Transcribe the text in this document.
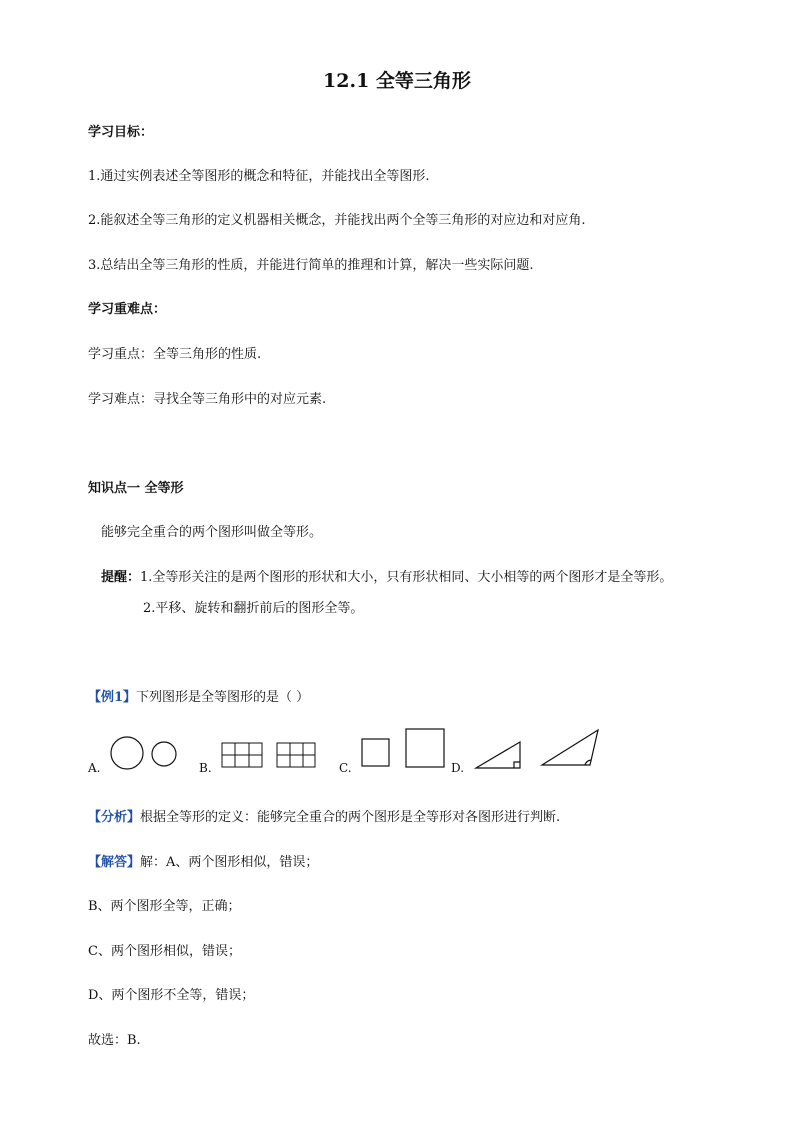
12.1 全等三角形
学习目标：
1.通过实例表述全等图形的概念和特征，并能找出全等图形.
2.能叙述全等三角形的定义机器相关概念，并能找出两个全等三角形的对应边和对应角.
3.总结出全等三角形的性质，并能进行简单的推理和计算，解决一些实际问题.
学习重难点：
学习重点：全等三角形的性质.
学习难点：寻找全等三角形中的对应元素.
知识点一 全等形
能够完全重合的两个图形叫做全等形。
提醒：1.全等形关注的是两个图形的形状和大小，只有形状相同、大小相等的两个图形才是全等形。
2.平移、旋转和翻折前后的图形全等。
【例1】下列图形是全等图形的是（ ）
A.	B.	C.	D.
【分析】根据全等形的定义：能够完全重合的两个图形是全等形对各图形进行判断.
【解答】解：A、两个图形相似，错误；
B、两个图形全等，正确；
C、两个图形相似，错误；
D、两个图形不全等，错误；
故选：B.
